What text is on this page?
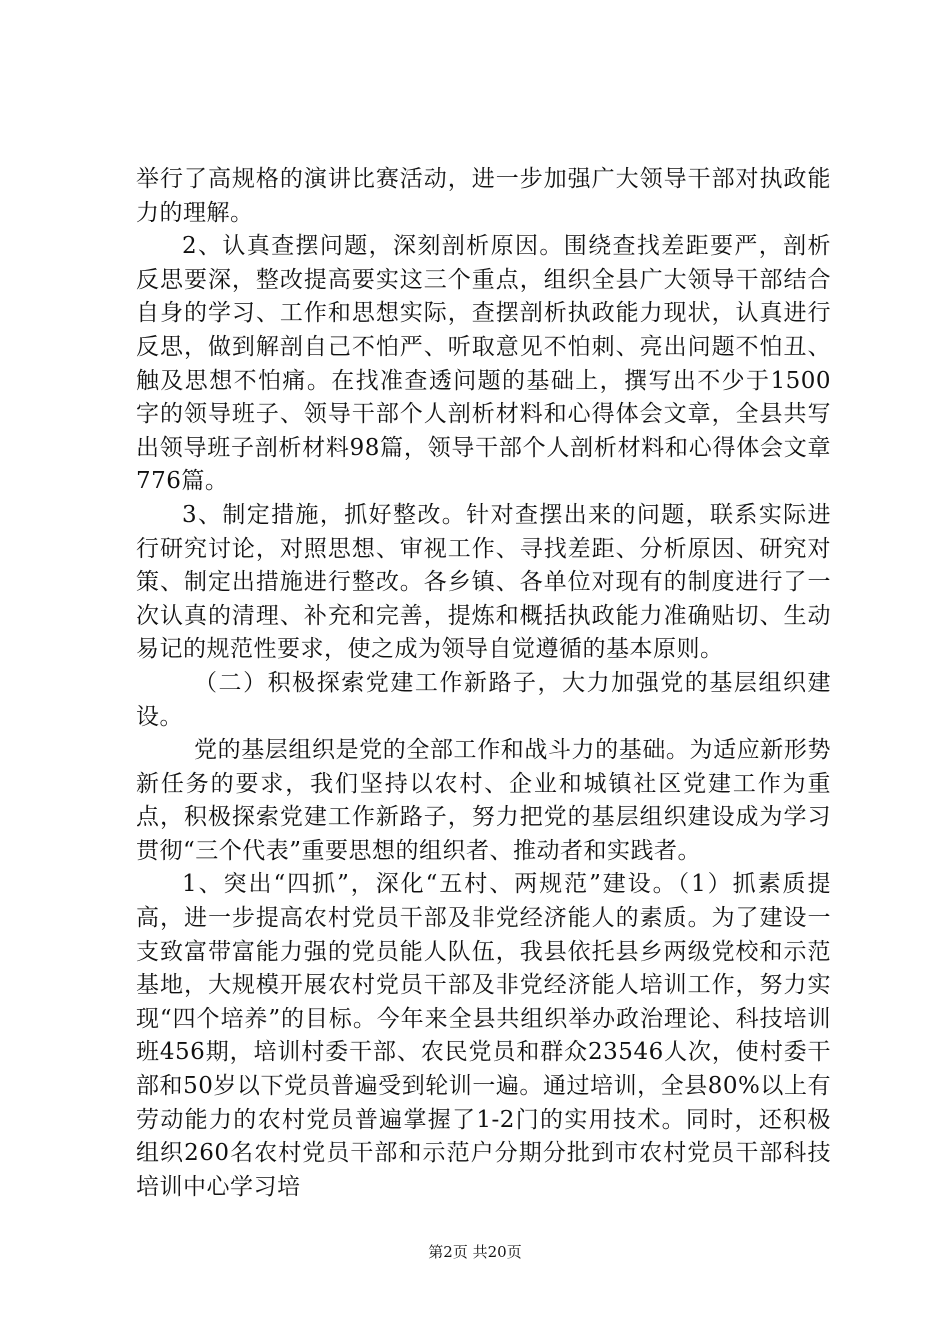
举行了高规格的演讲比赛活动，进一步加强广大领导干部对执政能力的理解。

2、认真查摆问题，深刻剖析原因。围绕查找差距要严，剖析反思要深，整改提高要实这三个重点，组织全县广大领导干部结合自身的学习、工作和思想实际，查摆剖析执政能力现状，认真进行反思，做到解剖自己不怕严、听取意见不怕刺、亮出问题不怕丑、触及思想不怕痛。在找准查透问题的基础上，撰写出不少于1500字的领导班子、领导干部个人剖析材料和心得体会文章，全县共写出领导班子剖析材料98篇，领导干部个人剖析材料和心得体会文章776篇。

3、制定措施，抓好整改。针对查摆出来的问题，联系实际进行研究讨论，对照思想、审视工作、寻找差距、分析原因、研究对策、制定出措施进行整改。各乡镇、各单位对现有的制度进行了一次认真的清理、补充和完善，提炼和概括执政能力准确贴切、生动易记的规范性要求，使之成为领导自觉遵循的基本原则。

（二）积极探索党建工作新路子，大力加强党的基层组织建设。

党的基层组织是党的全部工作和战斗力的基础。为适应新形势新任务的要求，我们坚持以农村、企业和城镇社区党建工作为重点，积极探索党建工作新路子，努力把党的基层组织建设成为学习贯彻“三个代表”重要思想的组织者、推动者和实践者。

1、突出“四抓”，深化“五村、两规范”建设。（1）抓素质提高，进一步提高农村党员干部及非党经济能人的素质。为了建设一支致富带富能力强的党员能人队伍，我县依托县乡两级党校和示范基地，大规模开展农村党员干部及非党经济能人培训工作，努力实现“四个培养”的目标。今年来全县共组织举办政治理论、科技培训班456期，培训村委干部、农民党员和群众23546人次，使村委干部和50岁以下党员普遍受到轮训一遍。通过培训，全县80%以上有劳动能力的农村党员普遍掌握了1-2门的实用技术。同时，还积极组织260名农村党员干部和示范户分期分批到市农村党员干部科技培训中心学习培

第2页 共20页
